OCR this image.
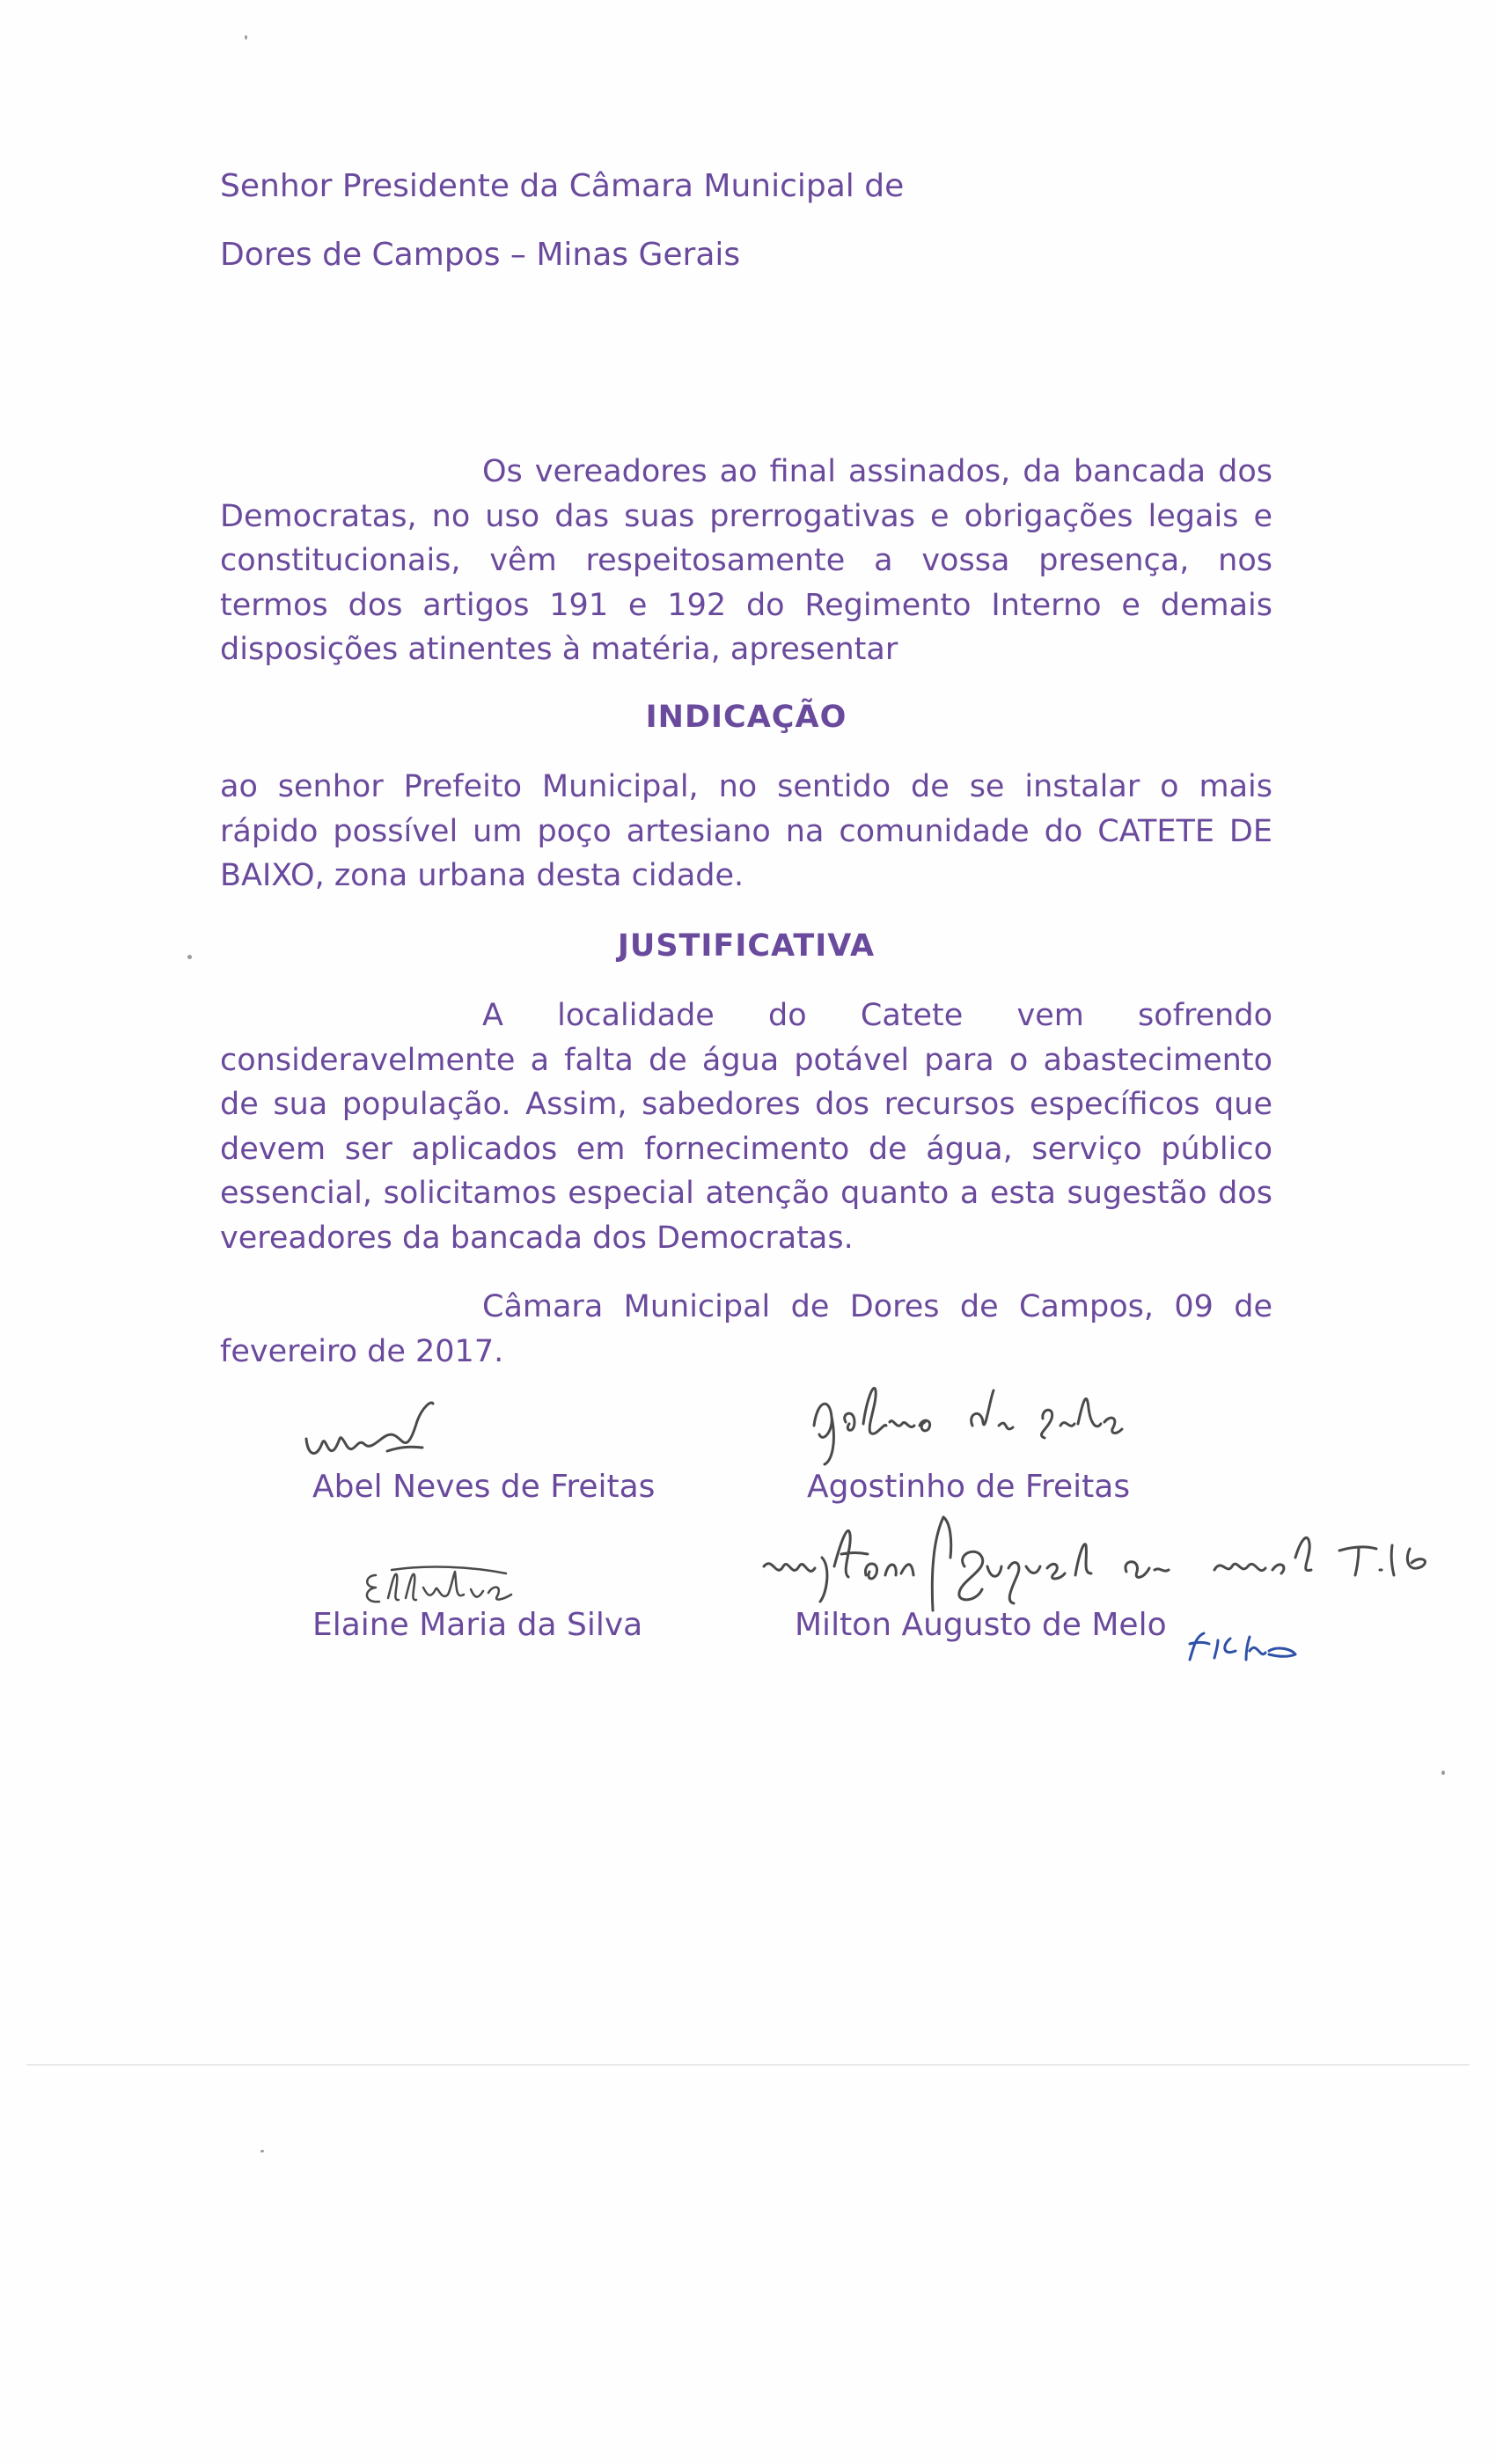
Senhor Presidente da Câmara Municipal de
Dores de Campos – Minas Gerais

Os vereadores ao final assinados, da bancada dos Democratas, no uso das suas prerrogativas e obrigações legais e constitucionais, vêm respeitosamente a vossa presença, nos termos dos artigos 191 e 192 do Regimento Interno e demais disposições atinentes à matéria, apresentar

INDICAÇÃO

ao senhor Prefeito Municipal, no sentido de se instalar o mais rápido possível um poço artesiano na comunidade do CATETE DE BAIXO, zona urbana desta cidade.

JUSTIFICATIVA

A localidade do Catete vem sofrendo consideravelmente a falta de água potável para o abastecimento de sua população. Assim, sabedores dos recursos específicos que devem ser aplicados em fornecimento de água, serviço público essencial, solicitamos especial atenção quanto a esta sugestão dos vereadores da bancada dos Democratas.

Câmara Municipal de Dores de Campos, 09 de fevereiro de 2017.

Abel Neves de Freitas	Agostinho de Freitas
Elaine Maria da Silva	Milton Augusto de Melo
